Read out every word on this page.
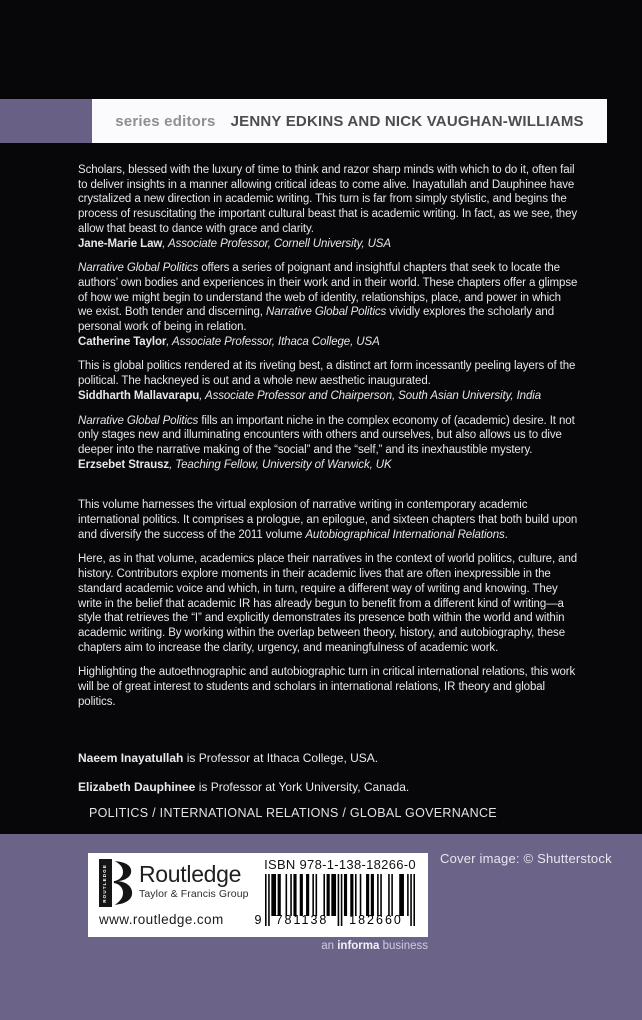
series editors JENNY EDKINS AND NICK VAUGHAN-WILLIAMS

Scholars, blessed with the luxury of time to think and razor sharp minds with which to do it, often fail to deliver insights in a manner allowing critical ideas to come alive. Inayatullah and Dauphinee have crystalized a new direction in academic writing. This turn is far from simply stylistic, and begins the process of resuscitating the important cultural beast that is academic writing. In fact, as we see, they allow that beast to dance with grace and clarity.

Jane-Marie Law, Associate Professor, Cornell University, USA

Narrative Global Politics offers a series of poignant and insightful chapters that seek to locate the authors’ own bodies and experiences in their work and in their world. These chapters offer a glimpse of how we might begin to understand the web of identity, relationships, place, and power in which we exist. Both tender and discerning, Narrative Global Politics vividly explores the scholarly and personal work of being in relation.

Catherine Taylor, Associate Professor, Ithaca College, USA

This is global politics rendered at its riveting best, a distinct art form incessantly peeling layers of the political. The hackneyed is out and a whole new aesthetic inaugurated.

Siddharth Mallavarapu, Associate Professor and Chairperson, South Asian University, India

Narrative Global Politics fills an important niche in the complex economy of (academic) desire. It not only stages new and illuminating encounters with others and ourselves, but also allows us to dive deeper into the narrative making of the “social” and the “self,” and its inexhaustible mystery.

Erzsebet Strausz, Teaching Fellow, University of Warwick, UK

This volume harnesses the virtual explosion of narrative writing in contemporary academic international politics. It comprises a prologue, an epilogue, and sixteen chapters that both build upon and diversify the success of the 2011 volume Autobiographical International Relations.

Here, as in that volume, academics place their narratives in the context of world politics, culture, and history. Contributors explore moments in their academic lives that are often inexpressible in the standard academic voice and which, in turn, require a different way of writing and knowing. They write in the belief that academic IR has already begun to benefit from a different kind of writing—a style that retrieves the “I” and explicitly demonstrates its presence both within the world and within academic writing. By working within the overlap between theory, history, and autobiography, these chapters aim to increase the clarity, urgency, and meaningfulness of academic work.

Highlighting the autoethnographic and autobiographic turn in critical international relations, this work will be of great interest to students and scholars in international relations, IR theory and global politics.

Naeem Inayatullah is Professor at Ithaca College, USA.

Elizabeth Dauphinee is Professor at York University, Canada.

POLITICS / INTERNATIONAL RELATIONS / GLOBAL GOVERNANCE
ROUTLEDGE Routledge
Taylor & Francis Group
www.routledge.com
ISBN 978-1-138-18266-0
9	781138	182660
Cover image: © Shutterstock
an informa business
